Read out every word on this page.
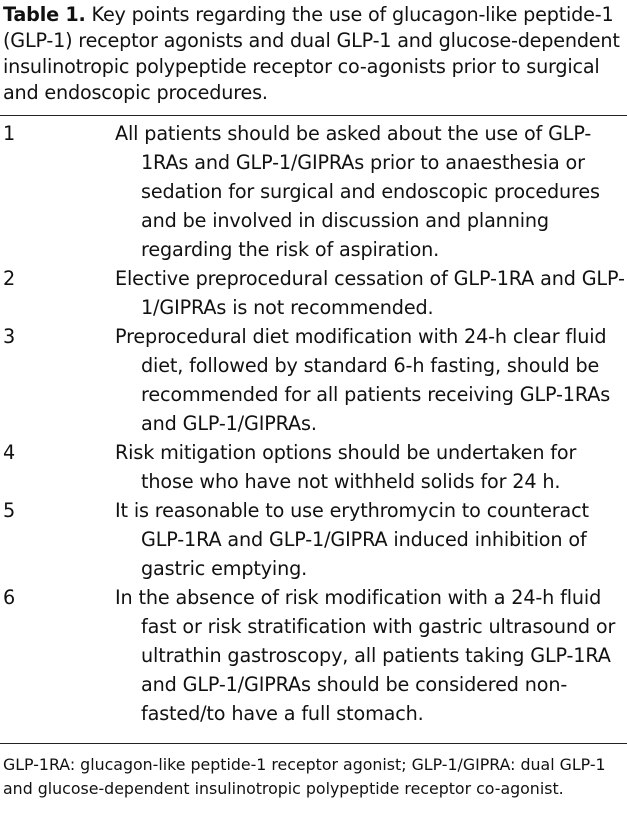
Table 1. Key points regarding the use of glucagon-like peptide-1 (GLP-1) receptor agonists and dual GLP-1 and glucose-dependent insulinotropic polypeptide receptor co-agonists prior to surgical and endoscopic procedures.

1	All patients should be asked about the use of GLP-1RAs and GLP-1/GIPRAs prior to anaesthesia or sedation for surgical and endoscopic procedures and be involved in discussion and planning regarding the risk of aspiration.
2	Elective preprocedural cessation of GLP-1RA and GLP-1/GIPRAs is not recommended.
3	Preprocedural diet modification with 24-h clear fluid diet, followed by standard 6-h fasting, should be recommended for all patients receiving GLP-1RAs and GLP-1/GIPRAs.
4	Risk mitigation options should be undertaken for those who have not withheld solids for 24 h.
5	It is reasonable to use erythromycin to counteract GLP-1RA and GLP-1/GIPRA induced inhibition of gastric emptying.
6	In the absence of risk modification with a 24-h fluid fast or risk stratification with gastric ultrasound or ultrathin gastroscopy, all patients taking GLP-1RA and GLP-1/GIPRAs should be considered non-fasted/to have a full stomach.

GLP-1RA: glucagon-like peptide-1 receptor agonist; GLP-1/GIPRA: dual GLP-1 and glucose-dependent insulinotropic polypeptide receptor co-agonist.
